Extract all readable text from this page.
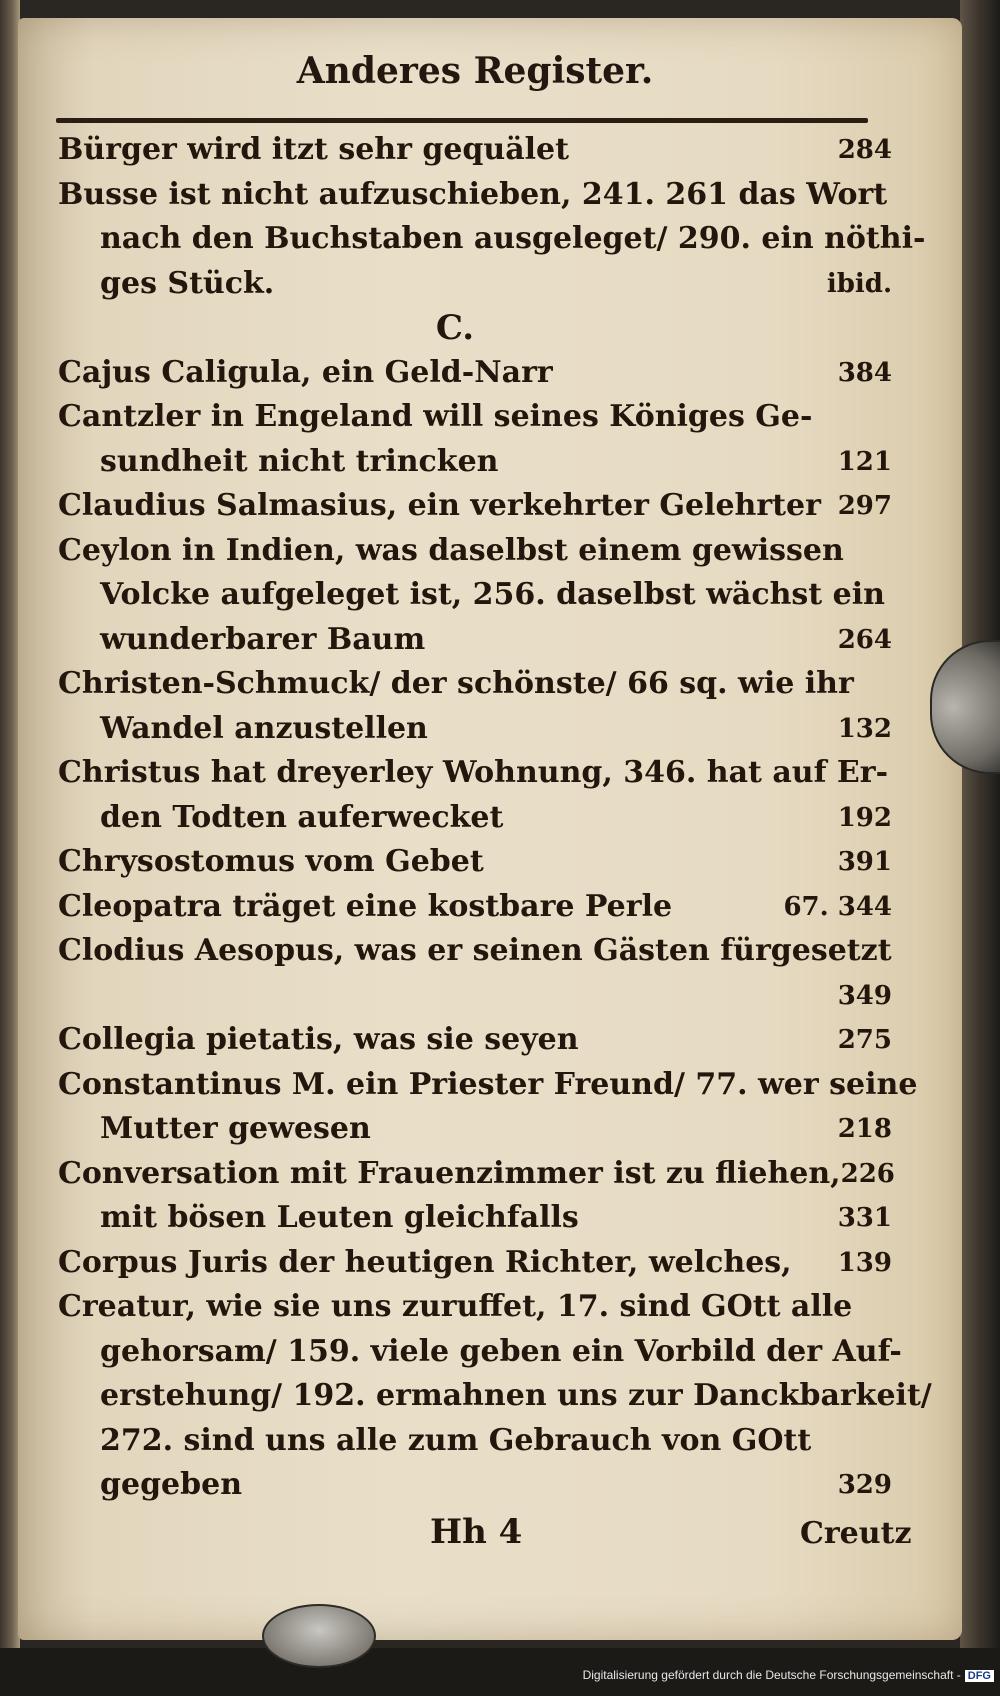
Anderes Register.
Bürger wird itzt sehr gequälet	284
Busse ist nicht aufzuschieben, 241. 261 das Wort
nach den Buchstaben ausgeleget/ 290. ein nöthi-
ges Stück.	ibid.
C.
Cajus Caligula, ein Geld-Narr	384
Cantzler in Engeland will seines Königes Ge-
sundheit nicht trincken	121
Claudius Salmasius, ein verkehrter Gelehrter 297
Ceylon in Indien, was daselbst einem gewissen
Volcke aufgeleget ist, 256. daselbst wächst ein
wunderbarer Baum	264
Christen-Schmuck/ der schönste/ 66 sq. wie ihr
Wandel anzustellen	132
Christus hat dreyerley Wohnung, 346. hat auf Er-
den Todten auferwecket	192
Chrysostomus vom Gebet	391
Cleopatra träget eine kostbare Perle	67. 344
Clodius Aesopus, was er seinen Gästen fürgesetzt
349
Collegia pietatis, was sie seyen	275
Constantinus M. ein Priester Freund/ 77. wer seine
Mutter gewesen	218
Conversation mit Frauenzimmer ist zu fliehen, 226
mit bösen Leuten gleichfalls	331
Corpus Juris der heutigen Richter, welches, 139
Creatur, wie sie uns zuruffet, 17. sind GOtt alle
gehorsam/ 159. viele geben ein Vorbild der Auf-
erstehung/ 192. ermahnen uns zur Danckbarkeit/
272. sind uns alle zum Gebrauch von GOtt
gegeben	329
Hh 4	Creutz
Digitalisierung gefördert durch die Deutsche Forschungsgemeinschaft - DFG
